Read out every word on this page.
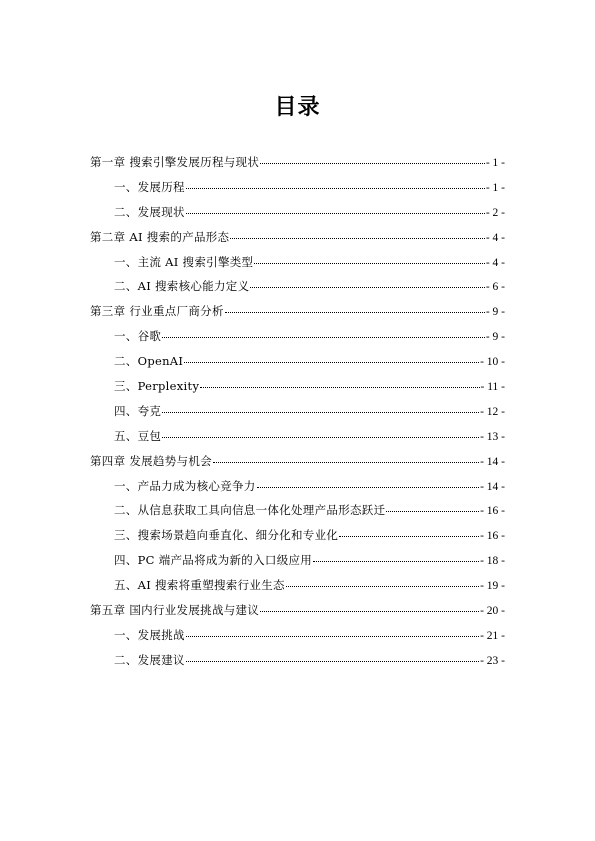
目录
第一章 搜索引擎发展历程与现状	- 1 -
一、发展历程	- 1 -
二、发展现状	- 2 -
第二章 AI 搜索的产品形态	- 4 -
一、主流 AI 搜索引擎类型	- 4 -
二、AI 搜索核心能力定义	- 6 -
第三章 行业重点厂商分析	- 9 -
一、谷歌	- 9 -
二、OpenAI	- 10 -
三、Perplexity	- 11 -
四、夸克	- 12 -
五、豆包	- 13 -
第四章 发展趋势与机会	- 14 -
一、产品力成为核心竞争力	- 14 -
二、从信息获取工具向信息一体化处理产品形态跃迁	- 16 -
三、搜索场景趋向垂直化、细分化和专业化	- 16 -
四、PC 端产品将成为新的入口级应用	- 18 -
五、AI 搜索将重塑搜索行业生态	- 19 -
第五章 国内行业发展挑战与建议	- 20 -
一、发展挑战	- 21 -
二、发展建议	- 23 -
